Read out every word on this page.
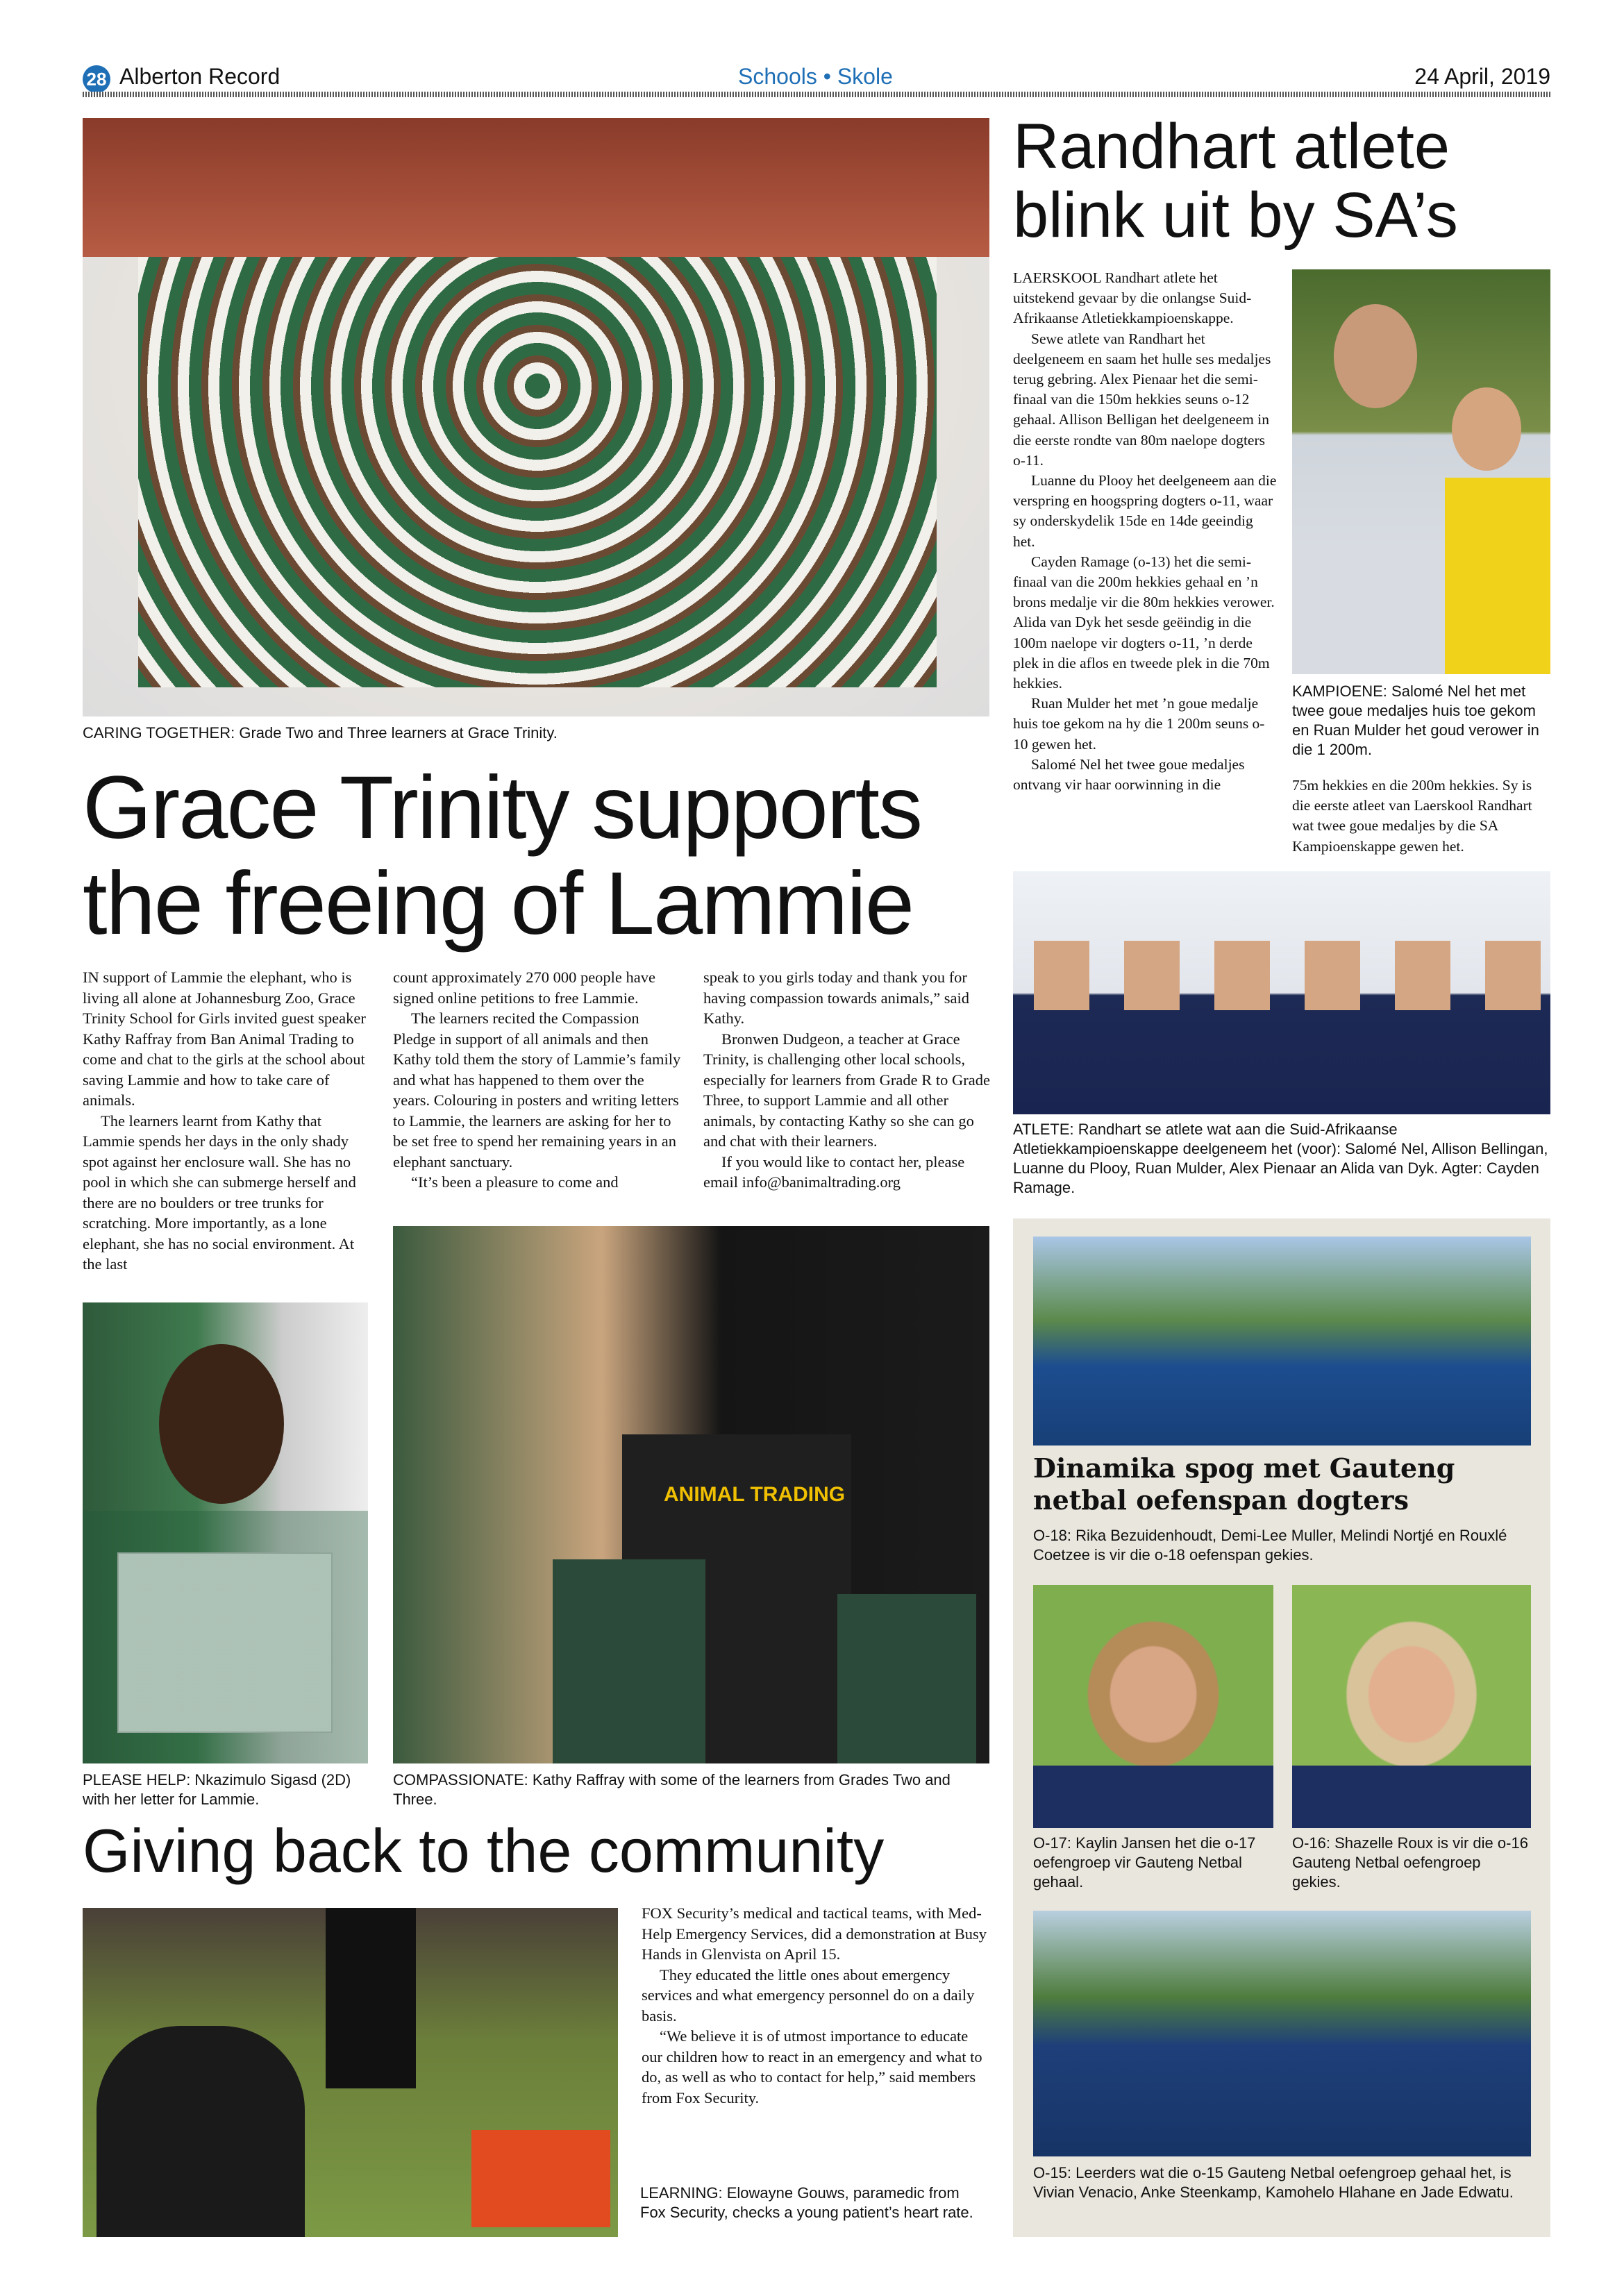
28 Alberton Record	Schools • Skole	24 April, 2019
CARING TOGETHER: Grade Two and Three learners at Grace Trinity.
Grace Trinity supports the freeing of Lammie

IN support of Lammie the elephant, who is living all alone at Johannesburg Zoo, Grace Trinity School for Girls invited guest speaker Kathy Raffray from Ban Animal Trading to come and chat to the girls at the school about saving Lammie and how to take care of animals.

The learners learnt from Kathy that Lammie spends her days in the only shady spot against her enclosure wall. She has no pool in which she can submerge herself and there are no boulders or tree trunks for scratching. More importantly, as a lone elephant, she has no social environment. At the last

count approximately 270 000 people have signed online petitions to free Lammie.

The learners recited the Compassion Pledge in support of all animals and then Kathy told them the story of Lammie’s family and what has happened to them over the years. Colouring in posters and writing letters to Lammie, the learners are asking for her to be set free to spend her remaining years in an elephant sanctuary.

“It’s been a pleasure to come and

speak to you girls today and thank you for having compassion towards animals,” said Kathy.

Bronwen Dudgeon, a teacher at Grace Trinity, is challenging other local schools, especially for learners from Grade R to Grade Three, to support Lammie and all other animals, by contacting Kathy so she can go and chat with their learners.

If you would like to contact her, please email info@banimaltrading.org

PLEASE HELP: Nkazimulo Sigasd (2D) with her letter for Lammie.
ANIMAL TRADING
COMPASSIONATE: Kathy Raffray with some of the learners from Grades Two and Three.
Giving back to the community

FOX Security’s medical and tactical teams, with Med-Help Emergency Services, did a demonstration at Busy Hands in Glenvista on April 15.

They educated the little ones about emergency services and what emergency personnel do on a daily basis.

“We believe it is of utmost importance to educate our children how to react in an emergency and what to do, as well as who to contact for help,” said members from Fox Security.

LEARNING: Elowayne Gouws, paramedic from Fox Security, checks a young patient’s heart rate.
Randhart atlete blink uit by SA’s

LAERSKOOL Randhart atlete het uitstekend gevaar by die onlangse Suid-Afrikaanse Atletiekkampioenskappe.

Sewe atlete van Randhart het deelgeneem en saam het hulle ses medaljes terug gebring. Alex Pienaar het die semi-finaal van die 150m hekkies seuns o-12 gehaal. Allison Belligan het deelgeneem in die eerste rondte van 80m naelope dogters o-11.

Luanne du Plooy het deelgeneem aan die verspring en hoogspring dogters o-11, waar sy onderskydelik 15de en 14de geeindig het.

Cayden Ramage (o-13) het die semi-finaal van die 200m hekkies gehaal en ’n brons medalje vir die 80m hekkies verower. Alida van Dyk het sesde geëindig in die 100m naelope vir dogters o-11, ’n derde plek in die aflos en tweede plek in die 70m hekkies.

Ruan Mulder het met ’n goue medalje huis toe gekom na hy die 1 200m seuns o-10 gewen het.

Salomé Nel het twee goue medaljes ontvang vir haar oorwinning in die

KAMPIOENE: Salomé Nel het met twee goue medaljes huis toe gekom en Ruan Mulder het goud verower in die 1 200m.
75m hekkies en die 200m hekkies. Sy is die eerste atleet van Laerskool Randhart wat twee goue medaljes by die SA Kampioenskappe gewen het.
ATLETE: Randhart se atlete wat aan die Suid-Afrikaanse Atletiekkampioenskappe deelgeneem het (voor): Salomé Nel, Allison Bellingan, Luanne du Plooy, Ruan Mulder, Alex Pienaar an Alida van Dyk. Agter: Cayden Ramage.
Dinamika spog met Gauteng netbal oefenspan dogters
O-18: Rika Bezuidenhoudt, Demi-Lee Muller, Melindi Nortjé en Rouxlé Coetzee is vir die o-18 oefenspan gekies.
O-17: Kaylin Jansen het die o-17 oefengroep vir Gauteng Netbal gehaal.
O-16: Shazelle Roux is vir die o-16 Gauteng Netbal oefengroep gekies.
O-15: Leerders wat die o-15 Gauteng Netbal oefengroep gehaal het, is Vivian Venacio, Anke Steenkamp, Kamohelo Hlahane en Jade Edwatu.
